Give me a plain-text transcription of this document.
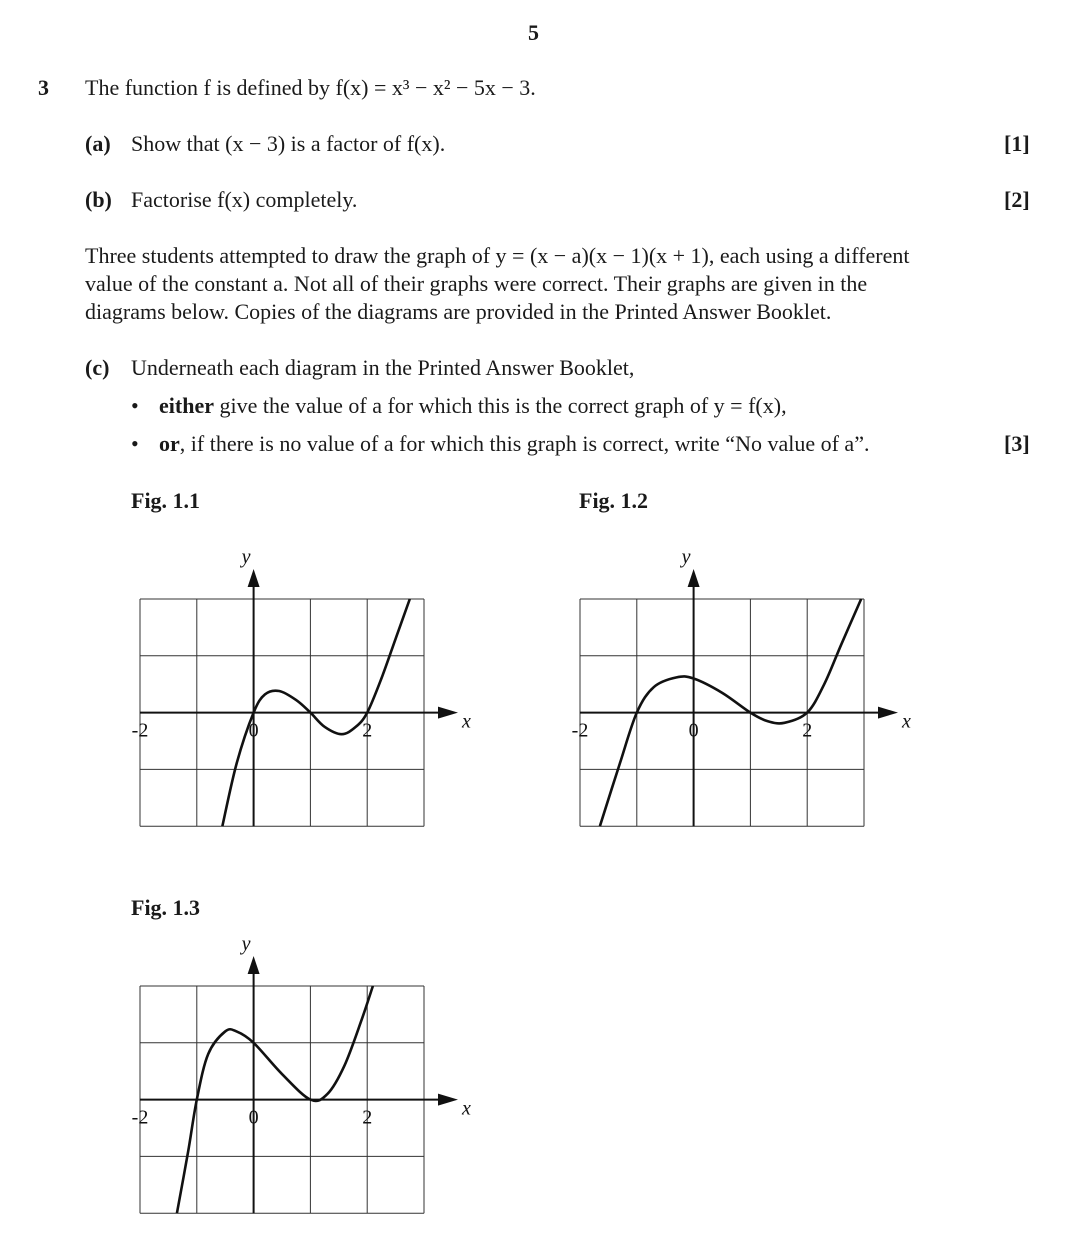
5
3 The function f is defined by f(x) = x³ − x² − 5x − 3.
(a) Show that (x − 3) is a factor of f(x).	[1]
(b) Factorise f(x) completely.	[2]
Three students attempted to draw the graph of y = (x − a)(x − 1)(x + 1), each using a different
value of the constant a. Not all of their graphs were correct. Their graphs are given in the
diagrams below. Copies of the diagrams are provided in the Printed Answer Booklet.
(c) Underneath each diagram in the Printed Answer Booklet,
• either give the value of a for which this is the correct graph of y = f(x),
• or, if there is no value of a for which this graph is correct, write “No value of a”.	[3]
Fig. 1.1	Fig. 1.2
Fig. 1.3
x
y
-2	0	2	x
y
-2	0	2
x
y
-2	0	2
